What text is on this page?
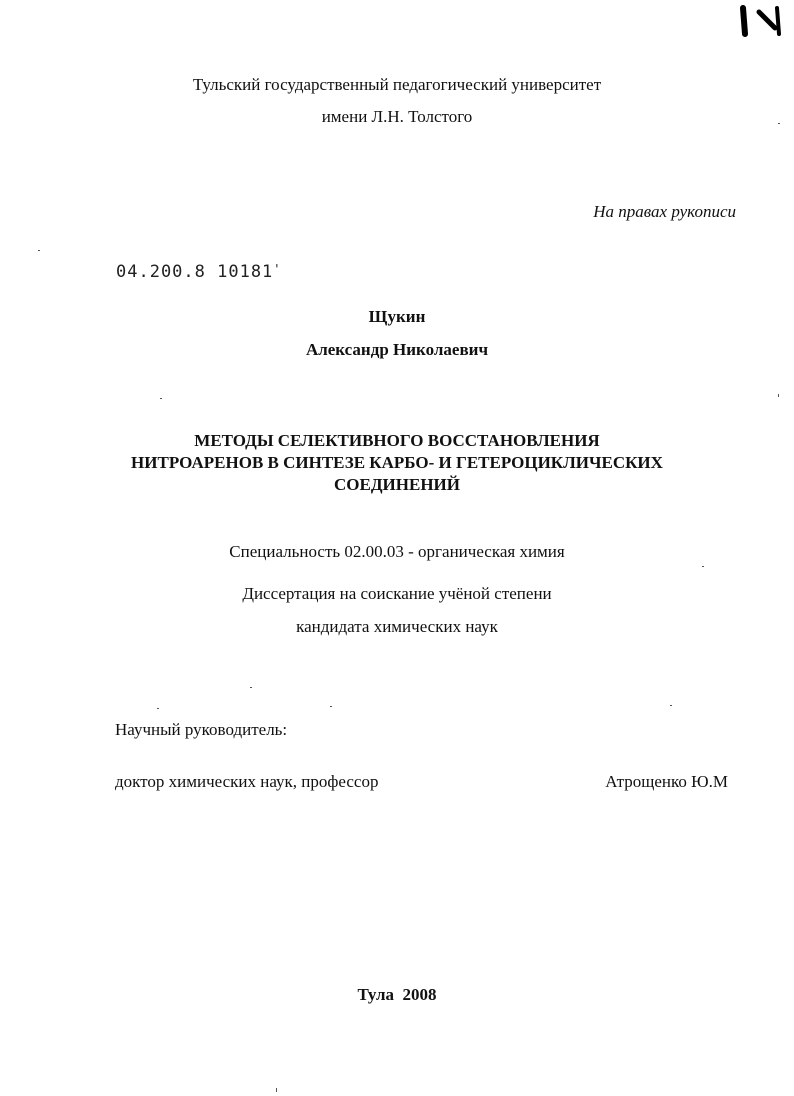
Тульский государственный педагогический университет
имени Л.Н. Толстого
На правах рукописи
04.200.8 10181'
Щукин
Александр Николаевич
МЕТОДЫ СЕЛЕКТИВНОГО ВОССТАНОВЛЕНИЯ
НИТРОАРЕНОВ В СИНТЕЗЕ КАРБО- И ГЕТЕРОЦИКЛИЧЕСКИХ
СОЕДИНЕНИЙ
Специальность 02.00.03 - органическая химия
Диссертация на соискание учёной степени
кандидата химических наук
Научный руководитель:
доктор химических наук, профессор	Атрощенко Ю.М
Тула  2008
